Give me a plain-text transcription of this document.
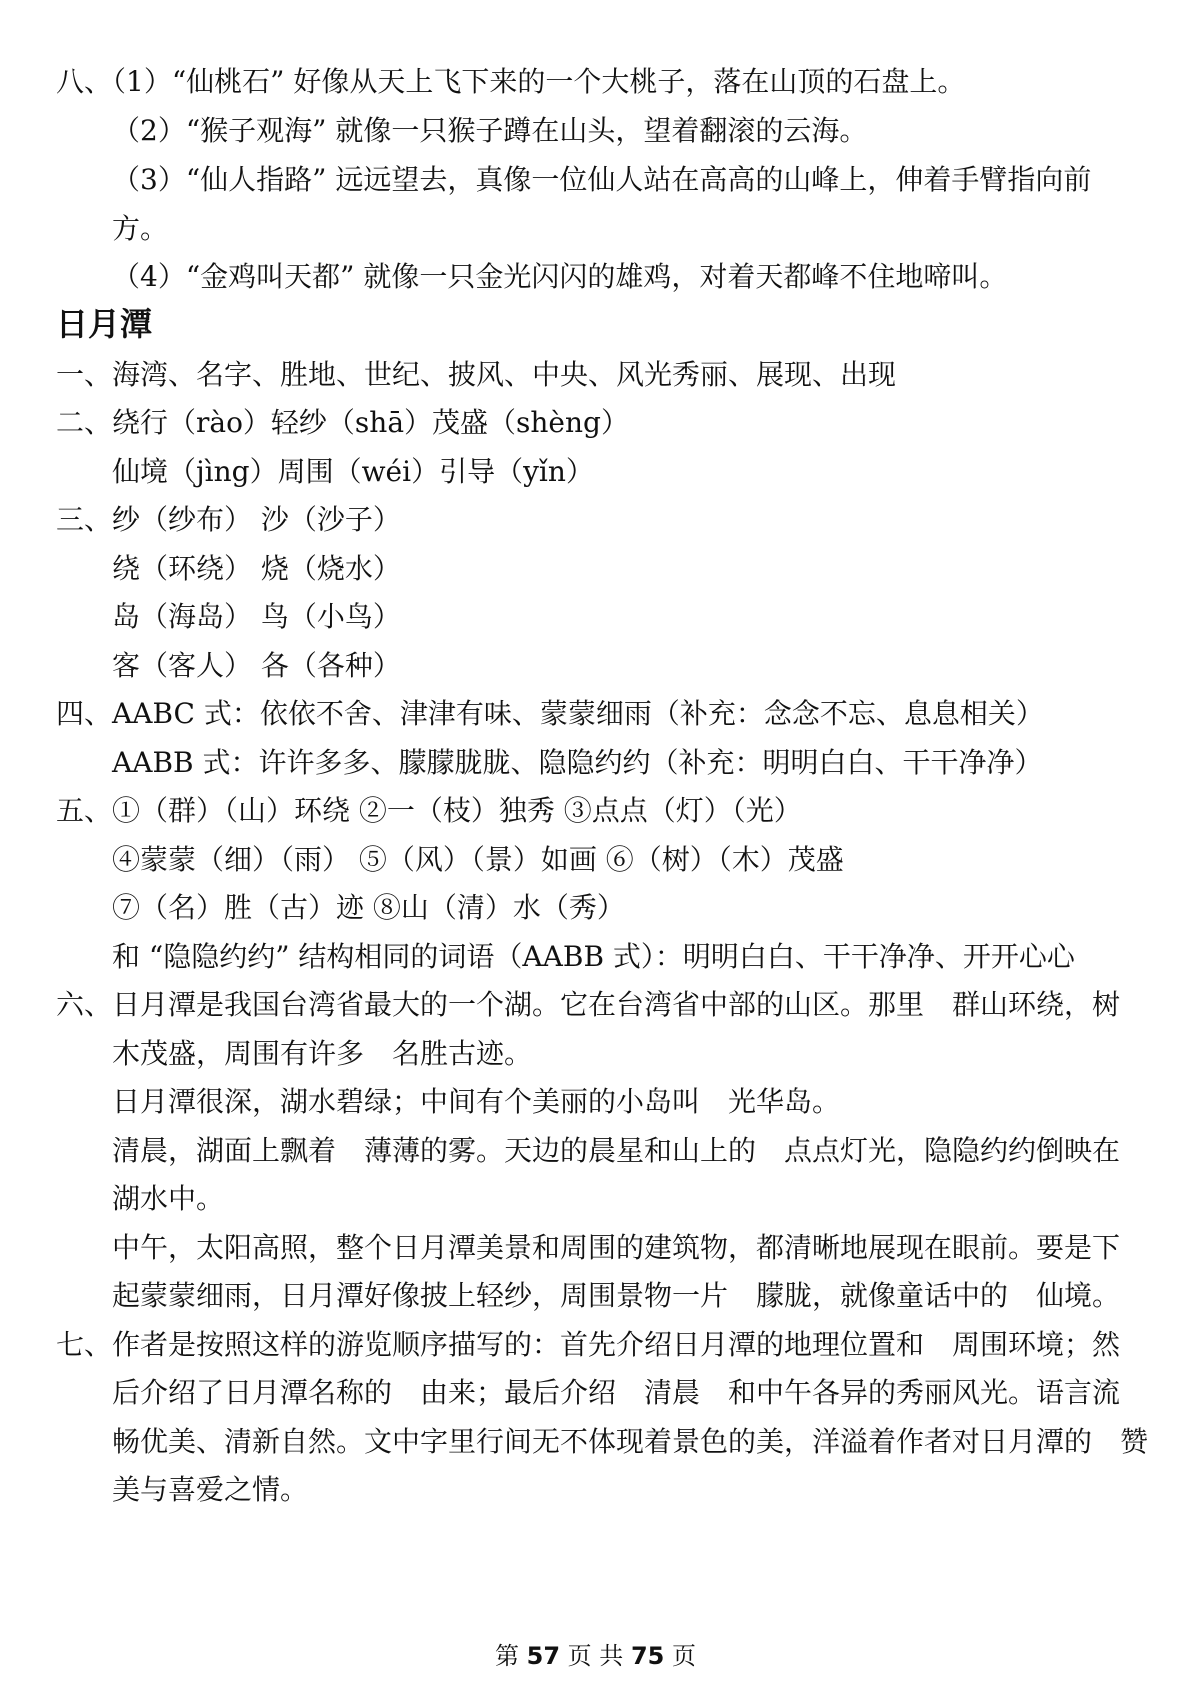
八、（1）“仙桃石” 好像从天上飞下来的一个大桃子，落在山顶的石盘上。
（2）“猴子观海” 就像一只猴子蹲在山头，望着翻滚的云海。
（3）“仙人指路” 远远望去，真像一位仙人站在高高的山峰上，伸着手臂指向前
方。
（4）“金鸡叫天都” 就像一只金光闪闪的雄鸡，对着天都峰不住地啼叫。
日月潭
一、海湾、名字、胜地、世纪、披风、中央、风光秀丽、展现、出现
二、绕行（rào）轻纱（shā）茂盛（shèng）
仙境（jìng）周围（wéi）引导（yǐn）
三、纱（纱布） 沙（沙子）
绕（环绕） 烧（烧水）
岛（海岛） 鸟（小鸟）
客（客人） 各（各种）
四、AABC 式：依依不舍、津津有味、蒙蒙细雨（补充：念念不忘、息息相关）
AABB 式：许许多多、朦朦胧胧、隐隐约约（补充：明明白白、干干净净）
五、①（群）（山）环绕 ②一（枝）独秀 ③点点（灯）（光）
④蒙蒙（细）（雨） ⑤（风）（景）如画 ⑥（树）（木）茂盛
⑦（名）胜（古）迹 ⑧山（清）水（秀）
和 “隐隐约约” 结构相同的词语（AABB 式）：明明白白、干干净净、开开心心
六、日月潭是我国台湾省最大的一个湖。它在台湾省中部的山区。那里　群山环绕，树
木茂盛，周围有许多　名胜古迹。
日月潭很深，湖水碧绿；中间有个美丽的小岛叫　光华岛。
清晨，湖面上飘着　薄薄的雾。天边的晨星和山上的　点点灯光，隐隐约约倒映在
湖水中。
中午，太阳高照，整个日月潭美景和周围的建筑物，都清晰地展现在眼前。要是下
起蒙蒙细雨，日月潭好像披上轻纱，周围景物一片　朦胧，就像童话中的　仙境。
七、作者是按照这样的游览顺序描写的：首先介绍日月潭的地理位置和　周围环境；然
后介绍了日月潭名称的　由来；最后介绍　清晨　和中午各异的秀丽风光。语言流
畅优美、清新自然。文中字里行间无不体现着景色的美，洋溢着作者对日月潭的　赞
美与喜爱之情。
第 57 页 共 75 页
